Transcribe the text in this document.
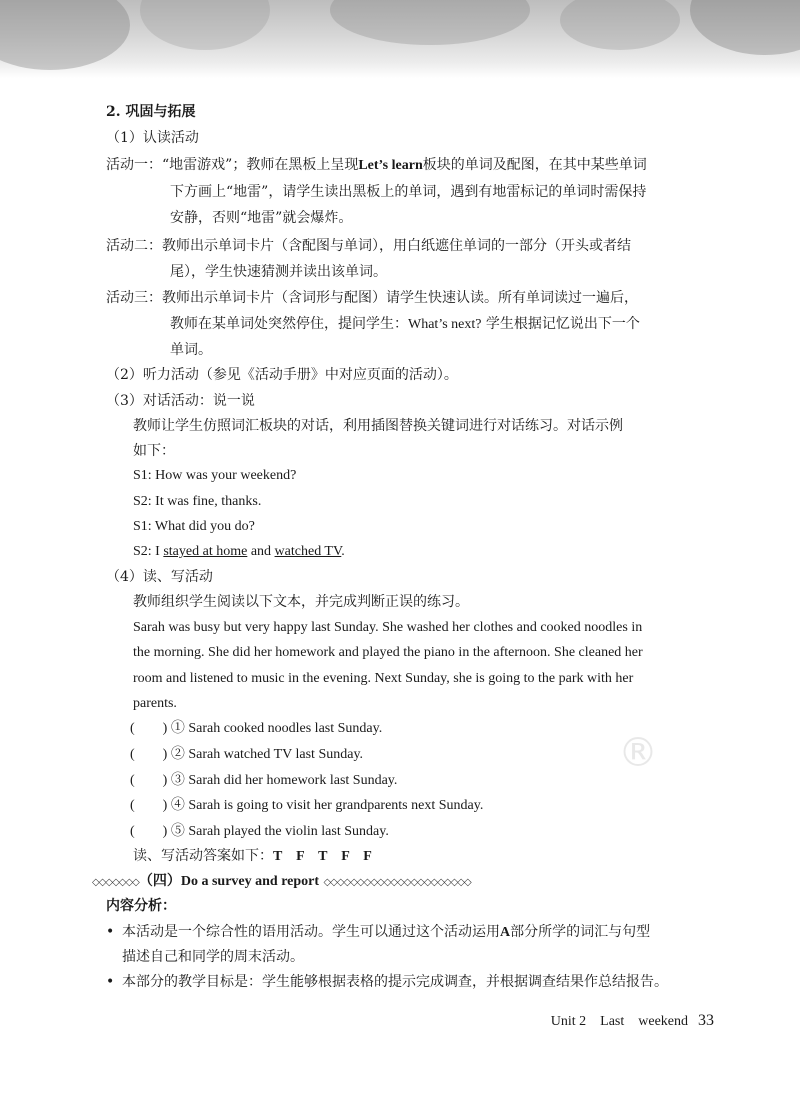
®
2. 巩固与拓展
（1）认读活动
活动一：“地雷游戏”；教师在黑板上呈现Let’s learn板块的单词及配图，在其中某些单词
下方画上“地雷”，请学生读出黑板上的单词，遇到有地雷标记的单词时需保持
安静，否则“地雷”就会爆炸。
活动二：教师出示单词卡片（含配图与单词），用白纸遮住单词的一部分（开头或者结
尾），学生快速猜测并读出该单词。
活动三：教师出示单词卡片（含词形与配图）请学生快速认读。所有单词读过一遍后，
教师在某单词处突然停住，提问学生：What’s next? 学生根据记忆说出下一个
单词。
（2）听力活动（参见《活动手册》中对应页面的活动）。
（3）对话活动：说一说
教师让学生仿照词汇板块的对话，利用插图替换关键词进行对话练习。对话示例
如下：
S1: How was your weekend?
S2: It was fine, thanks.
S1: What did you do?
S2: I stayed at home and watched TV.
（4）读、写活动
教师组织学生阅读以下文本，并完成判断正误的练习。
Sarah was busy but very happy last Sunday. She washed her clothes and cooked noodles in
the morning. She did her homework and played the piano in the afternoon. She cleaned her
room and listened to music in the evening. Next Sunday, she is going to the park with her
parents.
(　　) ① Sarah cooked noodles last Sunday.
(　　) ② Sarah watched TV last Sunday.
(　　) ③ Sarah did her homework last Sunday.
(　　) ④ Sarah is going to visit her grandparents next Sunday.
(　　) ⑤ Sarah played the violin last Sunday.
读、写活动答案如下：T　F　T　F　F
◇◇◇◇◇◇◇（四）Do a survey and report ◇◇◇◇◇◇◇◇◇◇◇◇◇◇◇◇◇◇◇◇◇◇
内容分析：
• 本活动是一个综合性的语用活动。学生可以通过这个活动运用A部分所学的词汇与句型
描述自己和同学的周末活动。
• 本部分的教学目标是：学生能够根据表格的提示完成调查，并根据调查结果作总结报告。
Unit 2　Last　weekend 33
